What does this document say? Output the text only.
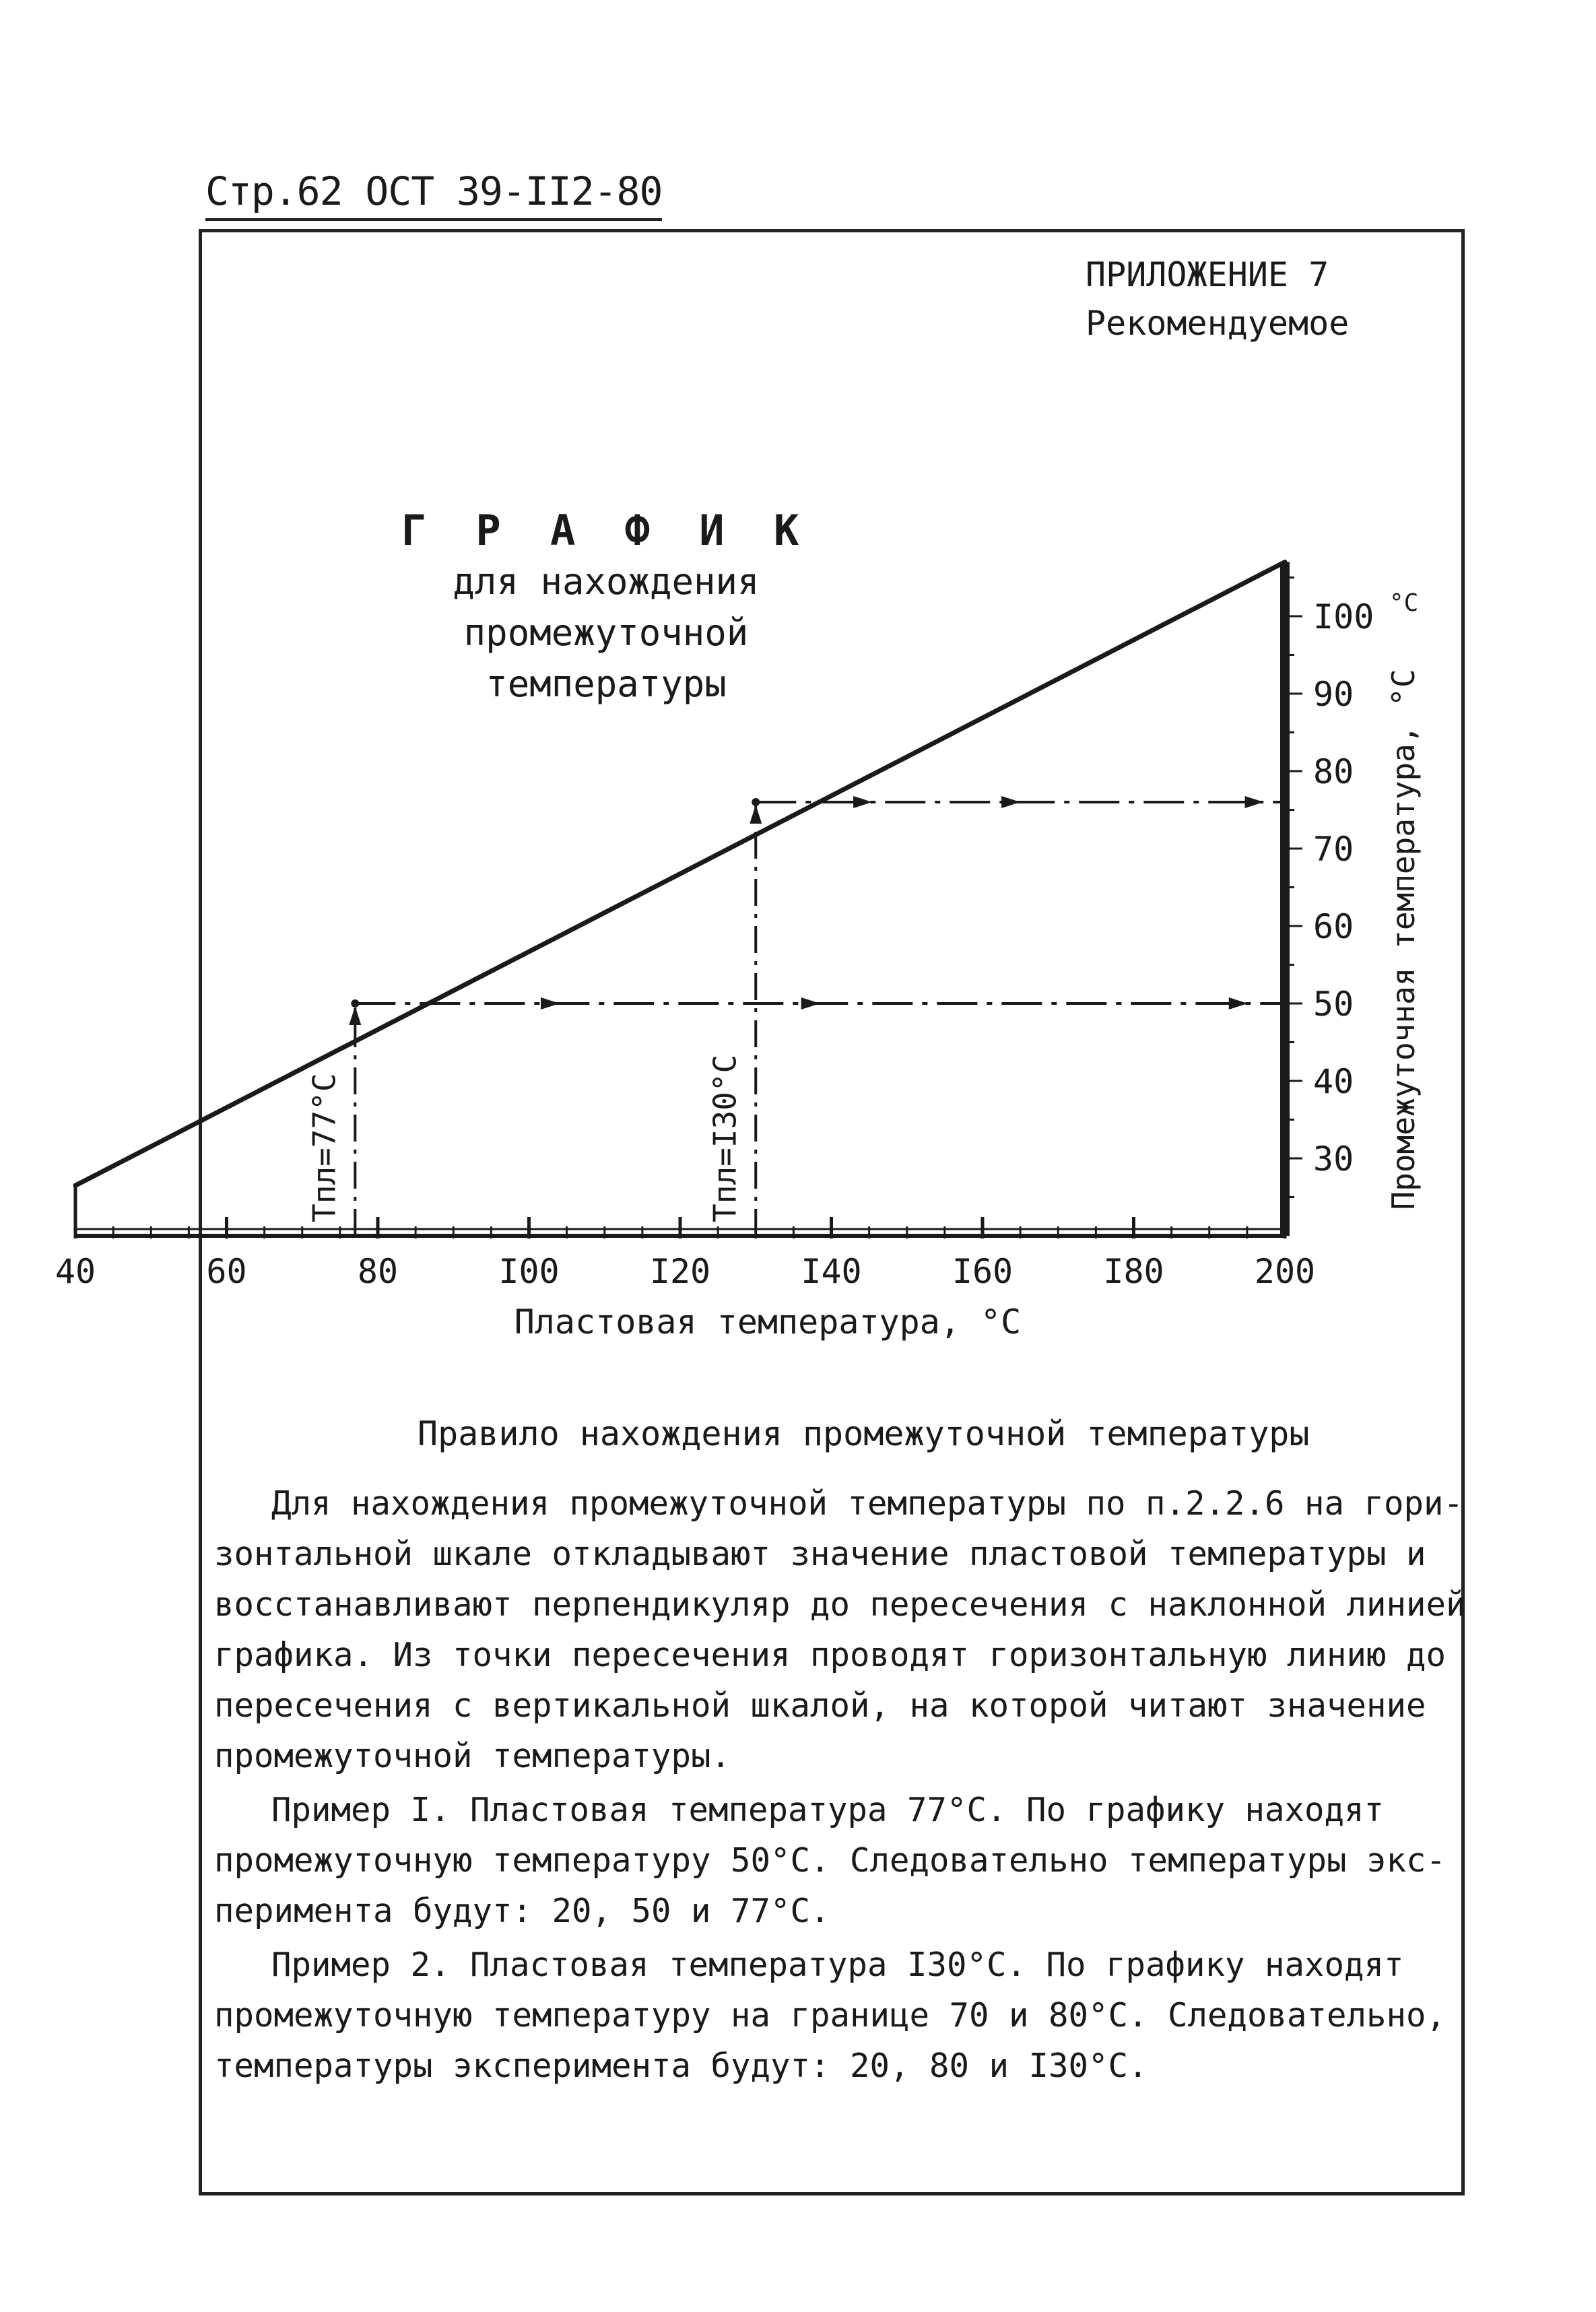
Стр.62 ОСТ 39-II2-80
ПРИЛОЖЕНИЕ 7
Рекомендуемое
Г Р А Ф И К
для нахождения промежуточной
температуры
40	60	80	I00	I20	I40	I60	I80	200
30
40
50
60
70
80
90
I00 °C
Тпл=77°C	Тпл=I30°C
Пластовая температура, °C
Промежуточная температура, °C
Правило нахождения промежуточной температуры
Для нахождения промежуточной температуры по п.2.2.6 на гори-
зонтальной шкале откладывают значение пластовой температуры и
восстанавливают перпендикуляр до пересечения с наклонной линией
графика. Из точки пересечения проводят горизонтальную линию до
пересечения с вертикальной шкалой, на которой читают значение
промежуточной температуры.
Пример I. Пластовая температура 77°С. По графику находят
промежуточную температуру 50°С. Следовательно температуры экс-
перимента будут: 20, 50 и 77°С.
Пример 2. Пластовая температура I30°С. По графику находят
промежуточную температуру на границе 70 и 80°С. Следовательно,
температуры эксперимента будут: 20, 80 и I30°С.
